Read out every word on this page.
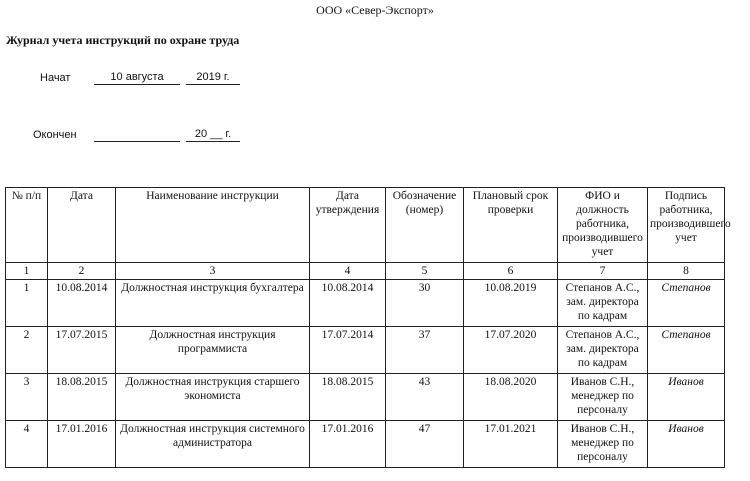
ООО «Север-Экспорт»
Журнал учета инструкций по охране труда
Начат	10 августа	2019 г.
Окончен	20 __ г.
№ п/п	Дата	Наименование инструкции	Дата утверждения	Обозначение (номер)	Плановый срок проверки	ФИО и должность работника, производившего учет	Подпись работника, производившего учет
1	2	3	4	5	6	7	8
1	10.08.2014	Должностная инструкция бухгалтера	10.08.2014	30	10.08.2019	Степанов А.С., зам. директора по кадрам	Степанов
2	17.07.2015	Должностная инструкция программиста	17.07.2014	37	17.07.2020	Степанов А.С., зам. директора по кадрам	Степанов
3	18.08.2015	Должностная инструкция старшего экономиста	18.08.2015	43	18.08.2020	Иванов С.Н., менеджер по персоналу	Иванов
4	17.01.2016	Должностная инструкция системного администратора	17.01.2016	47	17.01.2021	Иванов С.Н., менеджер по персоналу	Иванов
